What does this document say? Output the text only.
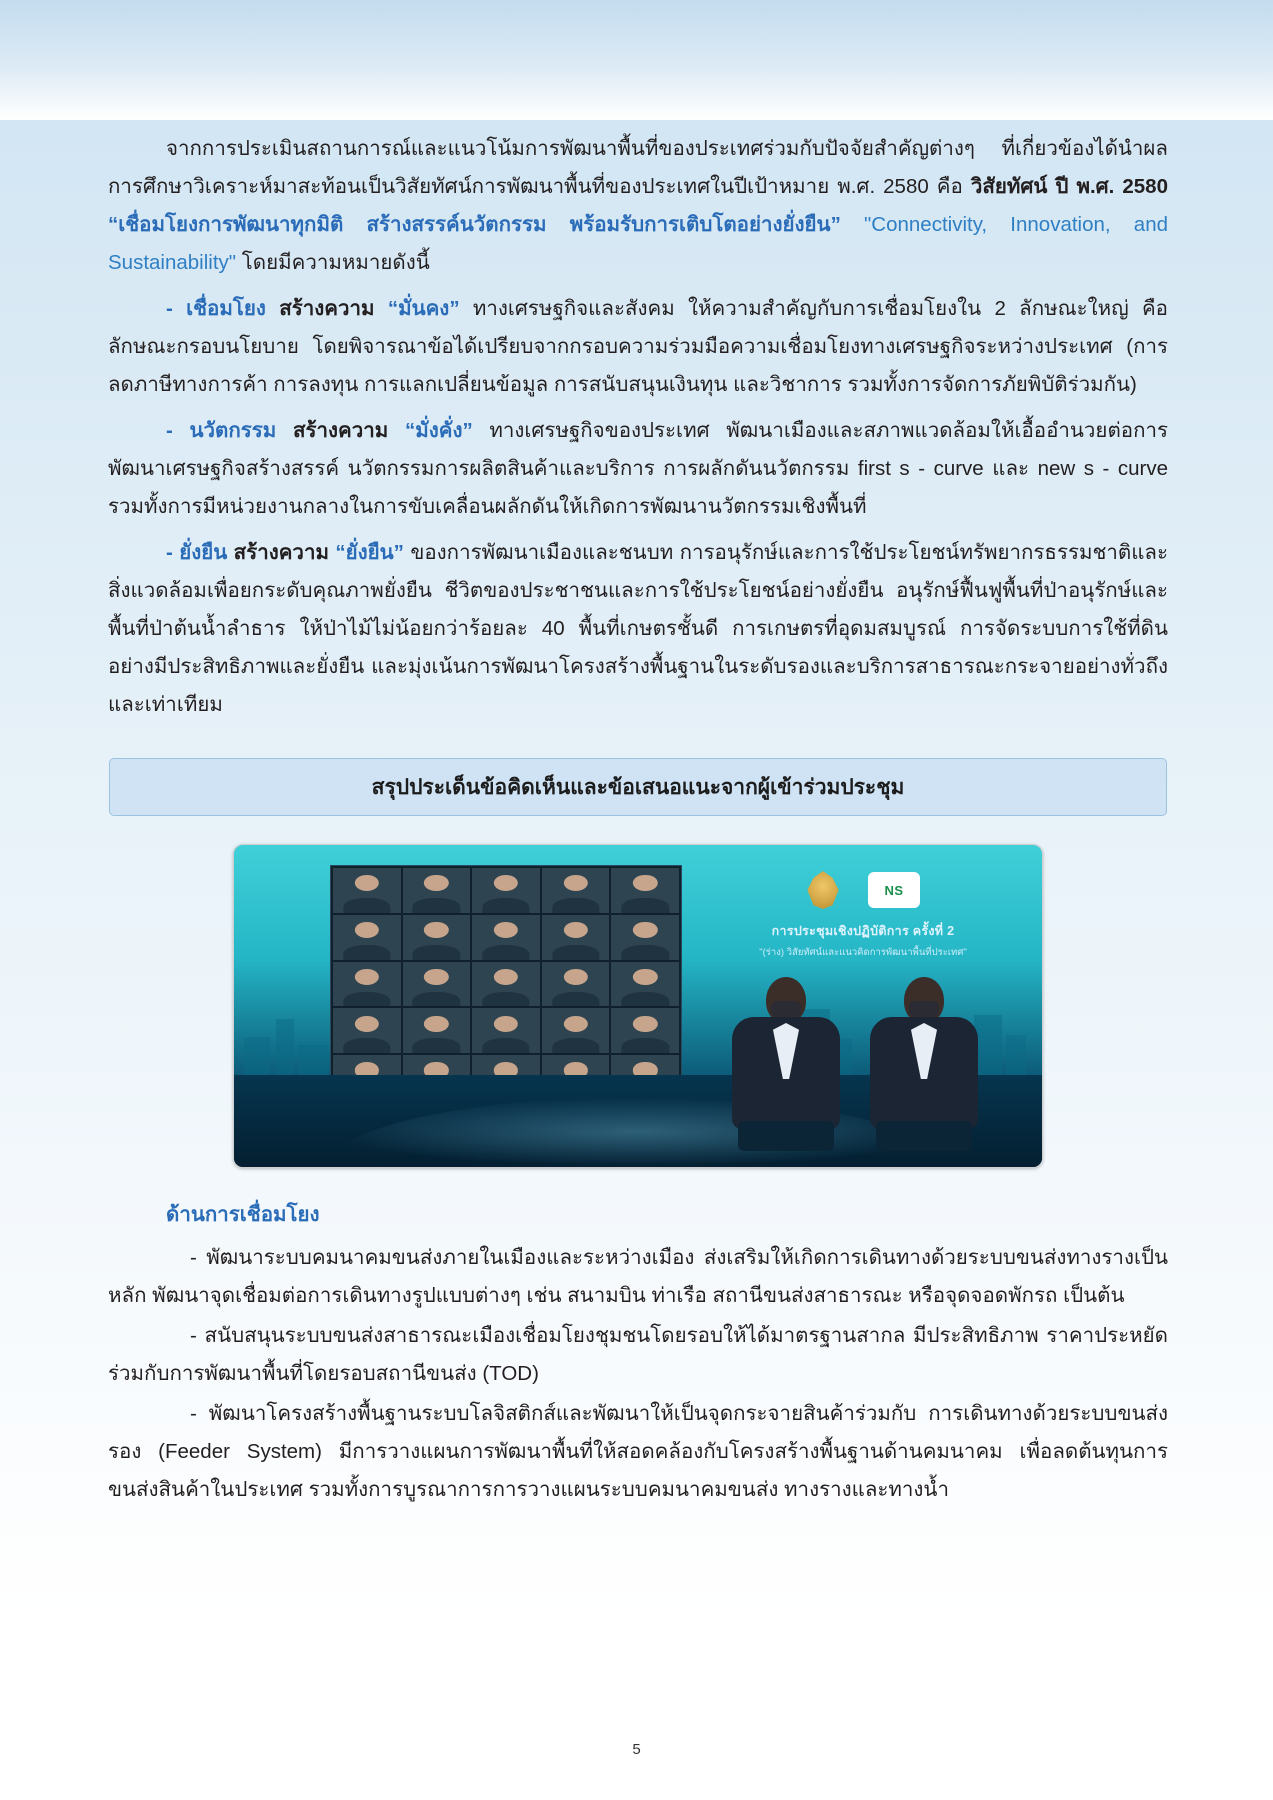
จากการประเมินสถานการณ์และแนวโน้มการพัฒนาพื้นที่ของประเทศร่วมกับปัจจัยสำคัญต่างๆ ที่เกี่ยวข้องได้นำผลการศึกษาวิเคราะห์มาสะท้อนเป็นวิสัยทัศน์การพัฒนาพื้นที่ของประเทศในปีเป้าหมาย พ.ศ. 2580 คือ วิสัยทัศน์ ปี พ.ศ. 2580 “เชื่อมโยงการพัฒนาทุกมิติ สร้างสรรค์นวัตกรรม พร้อมรับการเติบโตอย่างยั่งยืน” "Connectivity, Innovation, and Sustainability" โดยมีความหมายดังนี้

- เชื่อมโยง สร้างความ “มั่นคง” ทางเศรษฐกิจและสังคม ให้ความสำคัญกับการเชื่อมโยงใน 2 ลักษณะใหญ่ คือ ลักษณะกรอบนโยบาย โดยพิจารณาข้อได้เปรียบจากกรอบความร่วมมือความเชื่อมโยงทางเศรษฐกิจระหว่างประเทศ (การลดภาษีทางการค้า การลงทุน การแลกเปลี่ยนข้อมูล การสนับสนุนเงินทุน และวิชาการ รวมทั้งการจัดการภัยพิบัติร่วมกัน)

- นวัตกรรม สร้างความ “มั่งคั่ง” ทางเศรษฐกิจของประเทศ พัฒนาเมืองและสภาพแวดล้อมให้เอื้ออำนวยต่อการพัฒนาเศรษฐกิจสร้างสรรค์ นวัตกรรมการผลิตสินค้าและบริการ การผลักดันนวัตกรรม first s - curve และ new s - curve รวมทั้งการมีหน่วยงานกลางในการขับเคลื่อนผลักดันให้เกิดการพัฒนานวัตกรรมเชิงพื้นที่

- ยั่งยืน สร้างความ “ยั่งยืน” ของการพัฒนาเมืองและชนบท การอนุรักษ์และการใช้ประโยชน์ทรัพยากรธรรมชาติและสิ่งแวดล้อมเพื่อยกระดับคุณภาพยั่งยืน ชีวิตของประชาชนและการใช้ประโยชน์อย่างยั่งยืน อนุรักษ์ฟื้นฟูพื้นที่ป่าอนุรักษ์และพื้นที่ป่าต้นน้ำลำธาร ให้ป่าไม้ไม่น้อยกว่าร้อยละ 40 พื้นที่เกษตรชั้นดี การเกษตรที่อุดมสมบูรณ์ การจัดระบบการใช้ที่ดินอย่างมีประสิทธิภาพและยั่งยืน และมุ่งเน้นการพัฒนาโครงสร้างพื้นฐานในระดับรองและบริการสาธารณะกระจายอย่างทั่วถึงและเท่าเทียม

สรุปประเด็นข้อคิดเห็นและข้อเสนอแนะจากผู้เข้าร่วมประชุม
NS
การประชุมเชิงปฏิบัติการ ครั้งที่ 2
"(ร่าง) วิสัยทัศน์และแนวคิดการพัฒนาพื้นที่ประเทศ"
ด้านการเชื่อมโยง

- พัฒนาระบบคมนาคมขนส่งภายในเมืองและระหว่างเมือง ส่งเสริมให้เกิดการเดินทางด้วยระบบขนส่งทางรางเป็นหลัก พัฒนาจุดเชื่อมต่อการเดินทางรูปแบบต่างๆ เช่น สนามบิน ท่าเรือ สถานีขนส่งสาธารณะ หรือจุดจอดพักรถ เป็นต้น

- สนับสนุนระบบขนส่งสาธารณะเมืองเชื่อมโยงชุมชนโดยรอบให้ได้มาตรฐานสากล มีประสิทธิภาพ ราคาประหยัด ร่วมกับการพัฒนาพื้นที่โดยรอบสถานีขนส่ง (TOD)

- พัฒนาโครงสร้างพื้นฐานระบบโลจิสติกส์และพัฒนาให้เป็นจุดกระจายสินค้าร่วมกับ การเดินทางด้วยระบบขนส่งรอง (Feeder System) มีการวางแผนการพัฒนาพื้นที่ให้สอดคล้องกับโครงสร้างพื้นฐานด้านคมนาคม เพื่อลดต้นทุนการขนส่งสินค้าในประเทศ รวมทั้งการบูรณาการการวางแผนระบบคมนาคมขนส่ง ทางรางและทางน้ำ

5
